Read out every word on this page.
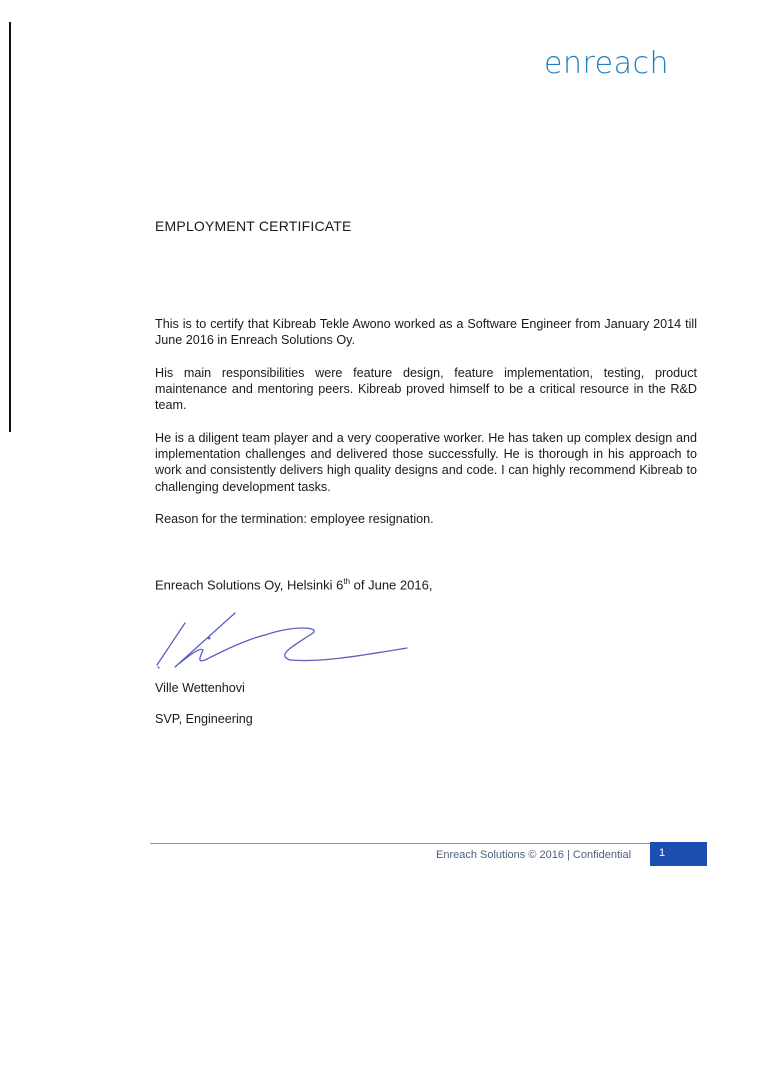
enreach
EMPLOYMENT CERTIFICATE

This is to certify that Kibreab Tekle Awono worked as a Software Engineer from January 2014 till June 2016 in Enreach Solutions Oy.

His main responsibilities were feature design, feature implementation, testing, product maintenance and mentoring peers. Kibreab proved himself to be a critical resource in the R&D team.

He is a diligent team player and a very cooperative worker. He has taken up complex design and implementation challenges and delivered those successfully. He is thorough in his approach to work and consistently delivers high quality designs and code. I can highly recommend Kibreab to challenging development tasks.

Reason for the termination: employee resignation.

Enreach Solutions Oy, Helsinki 6th of June 2016,
Ville Wettenhovi
SVP, Engineering
Enreach Solutions © 2016 | Confidential	1
